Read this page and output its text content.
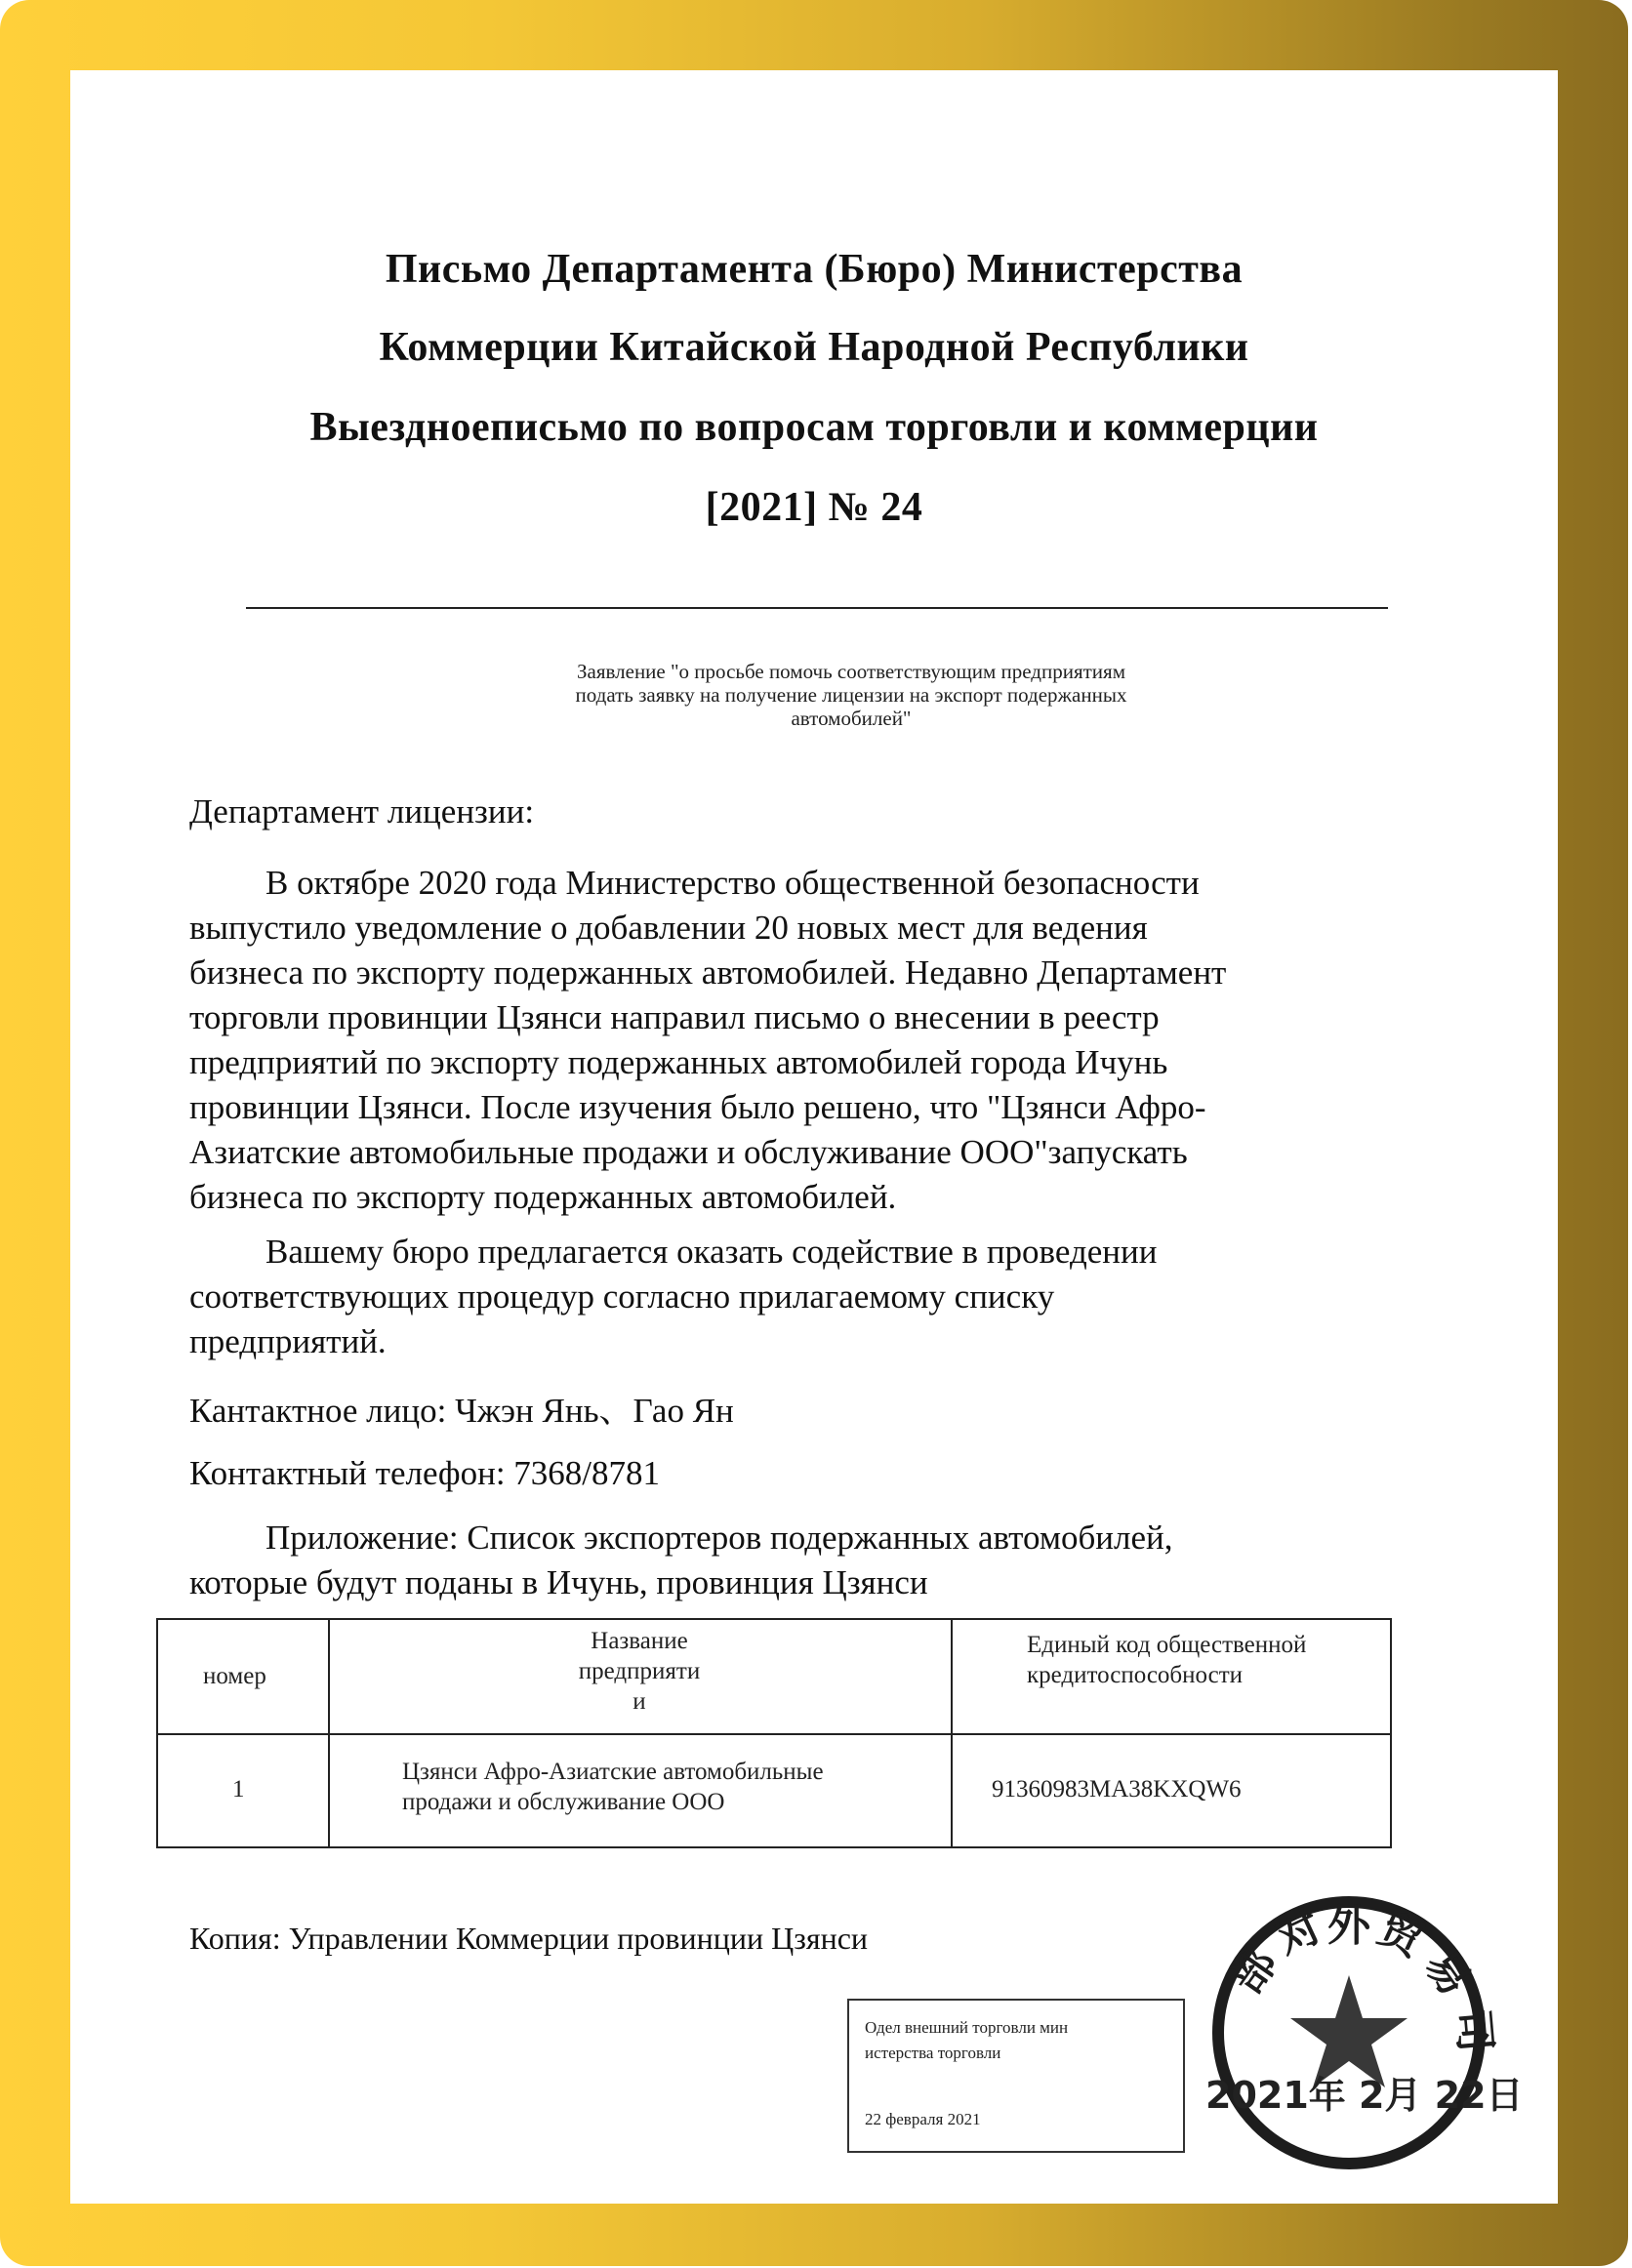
Письмо Департамента (Бюро) Министерства
Коммерции Китайской Народной Республики
Выездноеписьмо по вопросам торговли и коммерции
[2021] № 24
Заявление "о просьбе помочь соответствующим предприятиям
подать заявку на получение лицензии на экспорт подержанных
автомобилей"
Департамент лицензии:
В октябре 2020 года Министерство общественной безопасности
выпустило уведомление о добавлении 20 новых мест для ведения
бизнеса по экспорту подержанных автомобилей. Недавно Департамент
торговли провинции Цзянси направил письмо о внесении в реестр
предприятий по экспорту подержанных автомобилей города Ичунь
провинции Цзянси. После изучения было решено, что "Цзянси Афро-
Азиатские автомобильные продажи и обслуживание ООО"запускать
бизнеса по экспорту подержанных автомобилей.
Вашему бюро предлагается оказать содействие в проведении
соответствующих процедур согласно прилагаемому списку
предприятий.
Кантактное лицо: Чжэн Янь、Гао Ян
Контактный телефон: 7368/8781
Приложение: Список экспортеров подержанных автомобилей,
которые будут поданы в Ичунь, провинция Цзянси
номер
Название
предприяти
и
Единый код общественной
кредитоспособности
1
Цзянси Афро-Азиатские автомобильные
продажи и обслуживание ООО	91360983MA38KXQW6
Копия: Управлении Коммерции провинции Цзянси
Одел внешний торговли мин
истерства торговли
22 февраля 2021
部
对
外 贸
易
司
2021年 2月 22日
